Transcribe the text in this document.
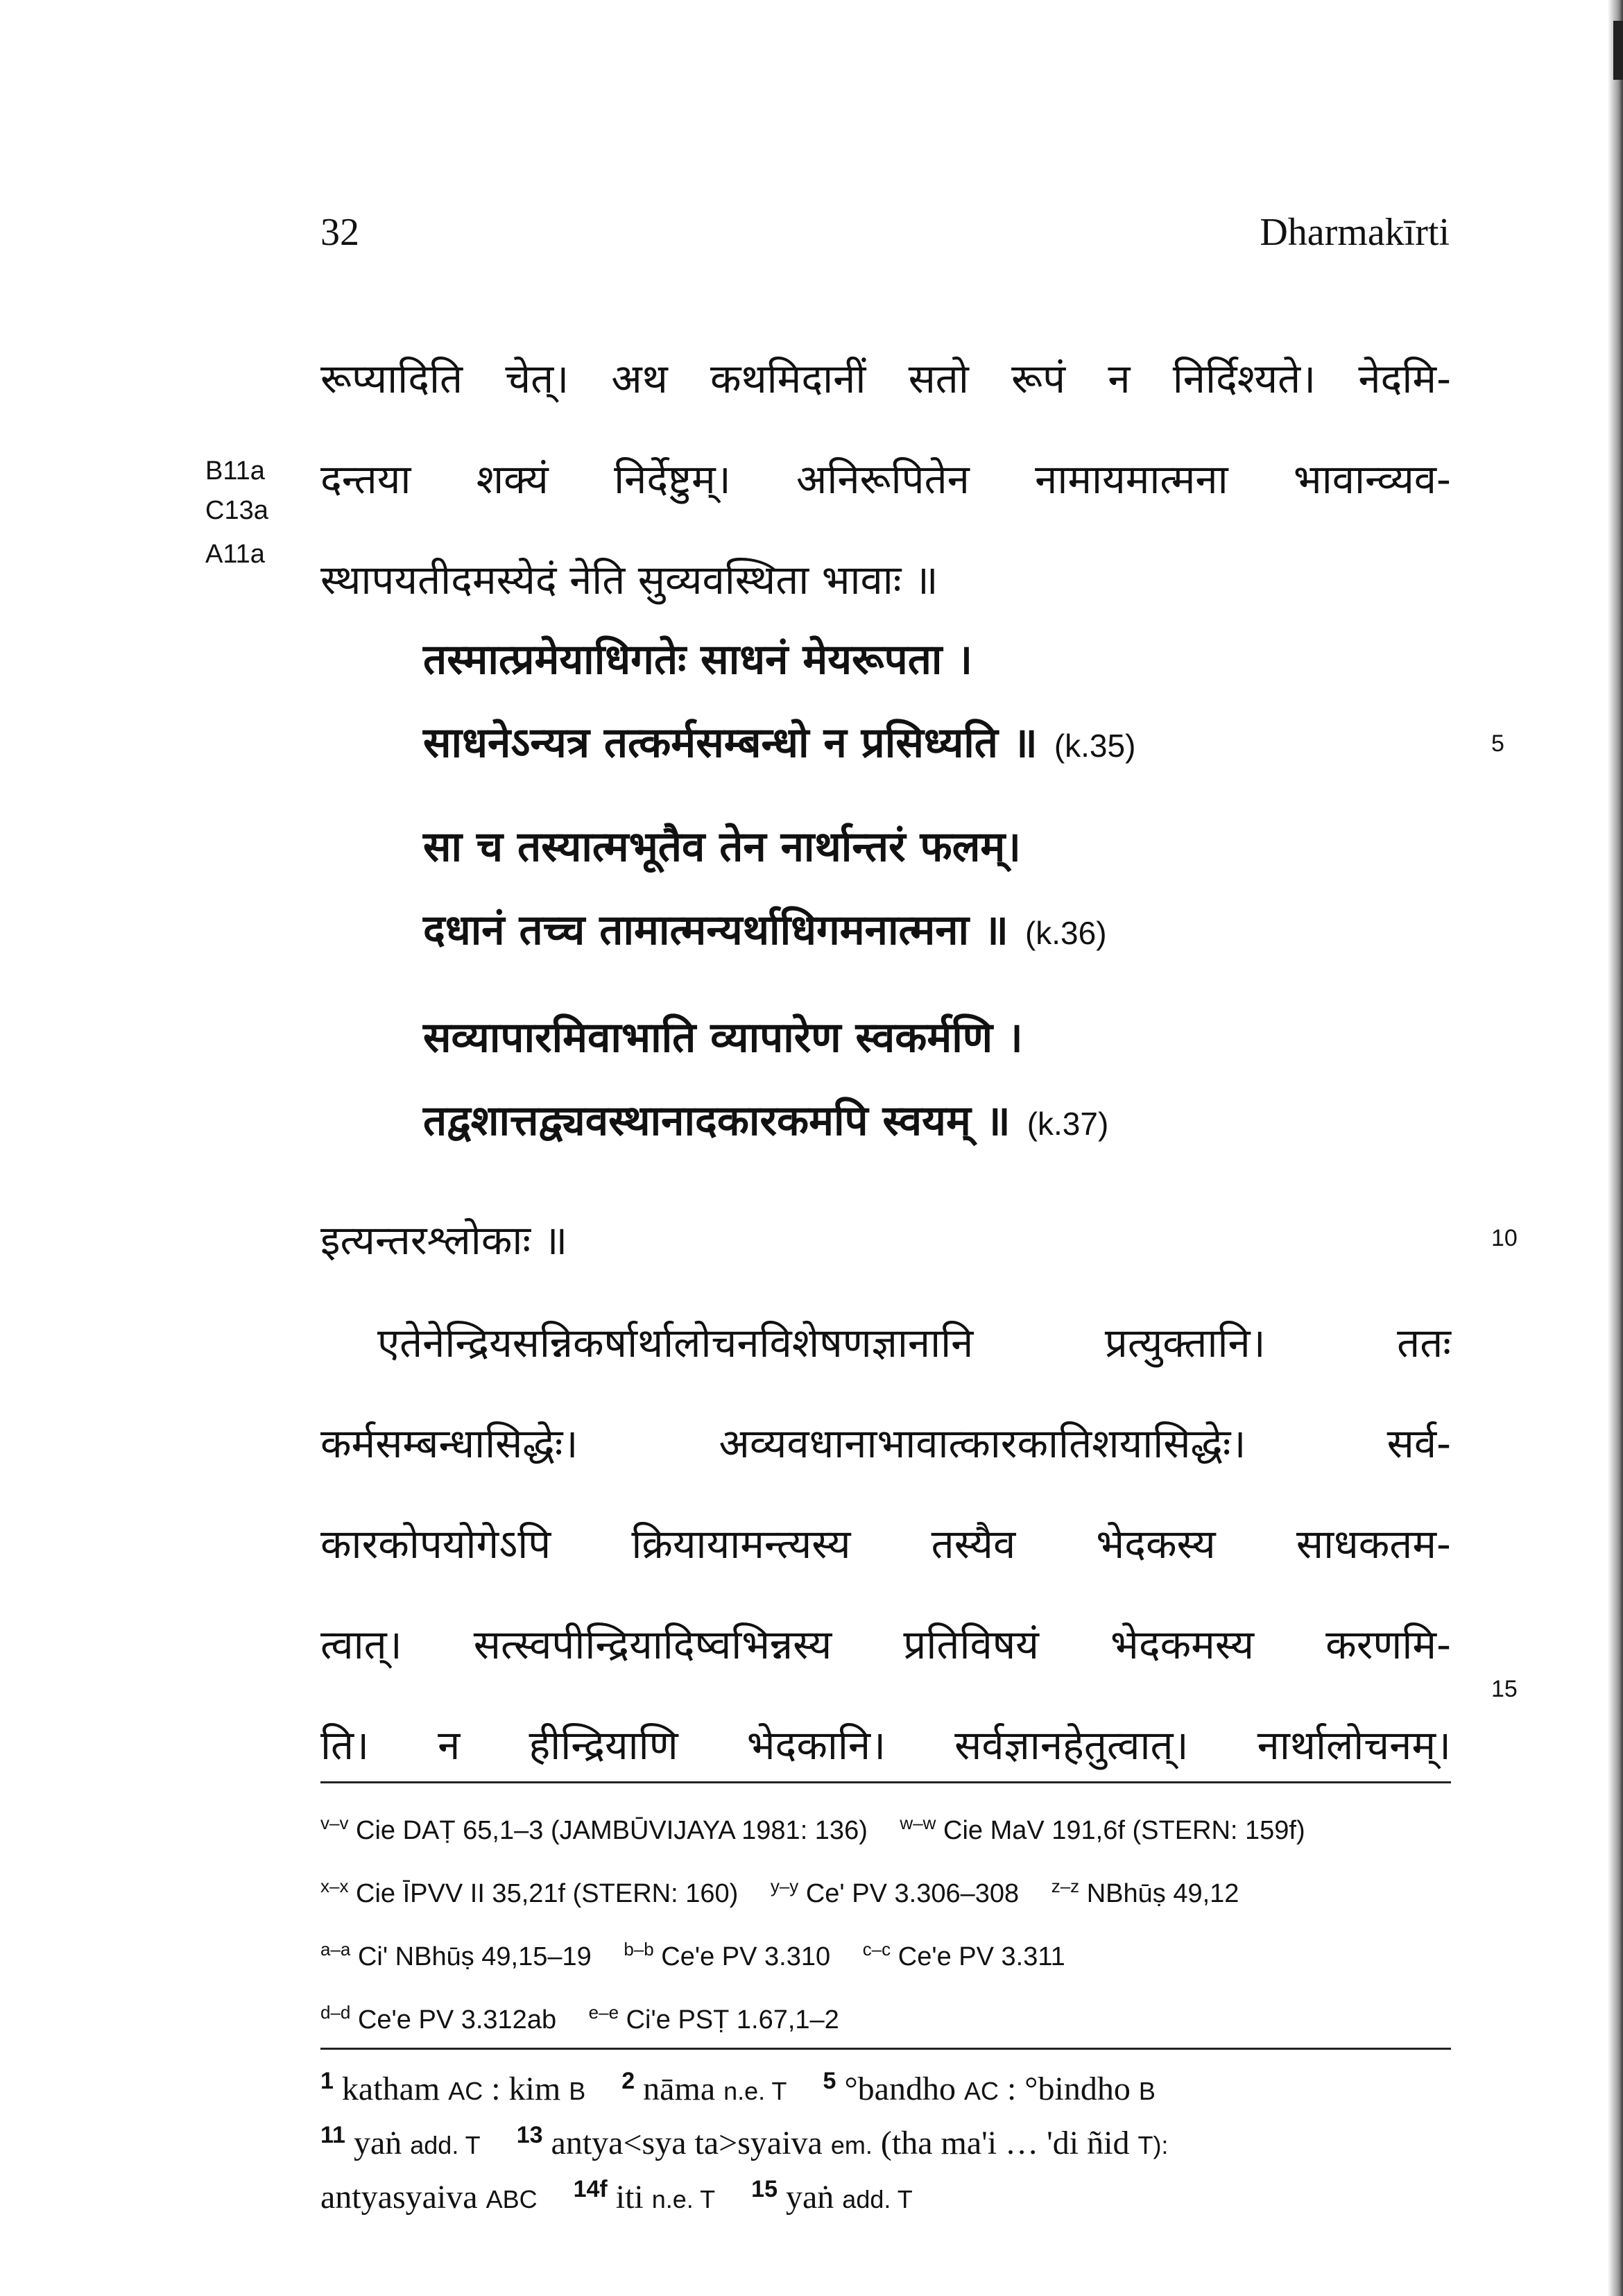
32	Dharmakīrti
रूप्यादिति चेत्। अथ कथमिदानीं सतो रूपं न निर्दिश्यते। नेदमि-
दन्तया शक्यं निर्देष्टुम्। अनिरूपितेन नामायमात्मना भावान्व्यव-
स्थापयतीदमस्येदं नेति सुव्यवस्थिता भावाः ॥
B11a
C13a
A11a
तस्मात्प्रमेयाधिगतेः साधनं मेयरूपता ।
साधनेऽन्यत्र तत्कर्मसम्बन्धो न प्रसिध्यति ॥ (k.35)
सा च तस्यात्मभूतैव तेन नार्थान्तरं फलम्।
दधानं तच्च तामात्मन्यर्थाधिगमनात्मना ॥ (k.36)
सव्यापारमिवाभाति व्यापारेण स्वकर्मणि ।
तद्वशात्तद्व्यवस्थानादकारकमपि स्वयम् ॥ (k.37)
इत्यन्तरश्लोकाः ॥
एतेनेन्द्रियसन्निकर्षार्थालोचनविशेषणज्ञानानि प्रत्युक्तानि। ततः
कर्मसम्बन्धासिद्धेः। अव्यवधानाभावात्कारकातिशयासिद्धेः। सर्व-
कारकोपयोगेऽपि क्रियायामन्त्यस्य तस्यैव भेदकस्य साधकतम-
त्वात्। सत्स्वपीन्द्रियादिष्वभिन्नस्य प्रतिविषयं भेदकमस्य करणमि-
ति। न हीन्द्रियाणि भेदकानि। सर्वज्ञानहेतुत्वात्। नार्थालोचनम्।
5
10
15
$^{v-v}$ Cie DAṬ 65,1–3 (JAMBŪVIJAYA 1981: 136) $^{w-w}$ Cie MaV 191,6f (STERN: 159f)
$^{x-x}$ Cie ĪPVV II 35,21f (STERN: 160) $^{y-y}$ Ce' PV 3.306–308 $^{z-z}$ NBhūṣ 49,12
$^{a-a}$ Ci' NBhūṣ 49,15–19 $^{b-b}$ Ce'e PV 3.310 $^{c-c}$ Ce'e PV 3.311
$^{d-d}$ Ce'e PV 3.312ab $^{e-e}$ Ci'e PSṬ 1.67,1–2
$^1$ katham AC : kim B $^2$ nāma n.e. T $^5$ °bandho AC : °bindho B
$^{11}$ yaṅ add. T $^{13}$ antya<sya ta>syaiva em. (tha ma'i … 'di ñid T):
antyasyaiva ABC $^{14f}$ iti n.e. T $^{15}$ yaṅ add. T
